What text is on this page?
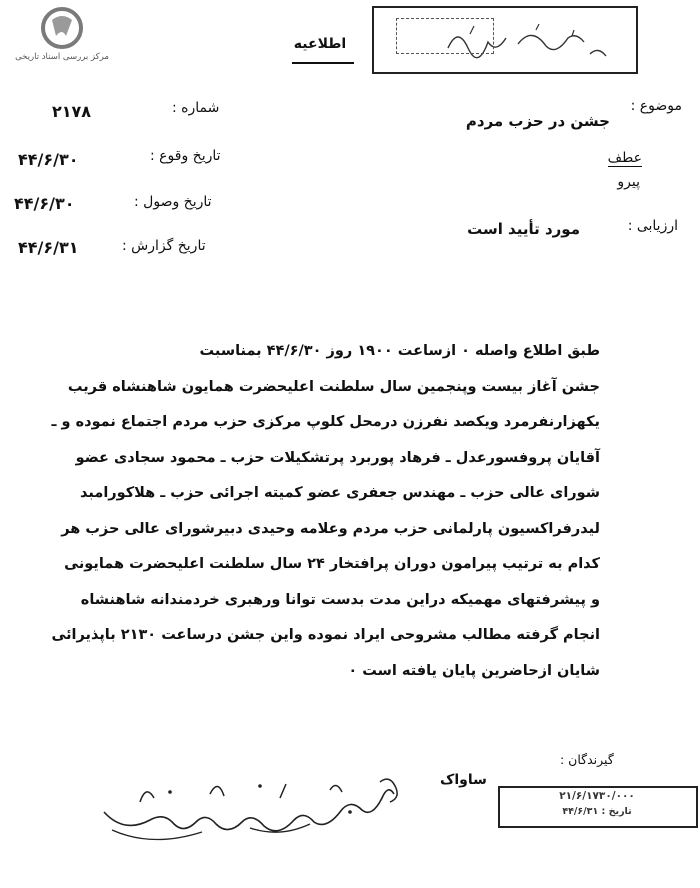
مرکز بررسی اسناد تاریخی
اطلاعیه
شماره :
۲۱۷۸
تاریخ وقوع :
۴۴/۶/۳۰
تاریخ وصول :
۴۴/۶/۳۰
تاریخ گزارش :
۴۴/۶/۳۱
موضوع :
جشن در حزب مردم
عطف
پیرو
ارزیابی :
مورد تأیید است
طبق اطلاع واصله ۰ ازساعت ۱۹۰۰ روز ۴۴/۶/۳۰ بمناسبت
جشن آغاز بیست وپنجمین سال سلطنت اعلیحضرت همایون شاهنشاه قریب
یکهزارنفرمرد ویکصد نفرزن درمحل کلوپ مرکزی حزب مردم اجتماع نموده و ـ
آقایان پروفسورعدل ـ فرهاد پوربرد پرتشکیلات حزب ـ محمود سجادی عضو
شورای عالی حزب ـ مهندس جعفری عضو کمیته اجرائی حزب ـ هلاکورامبد
لیدرفراکسیون پارلمانی حزب مردم وعلامه وحیدی دبیرشورای عالی حزب هر
کدام به ترتیب پیرامون دوران پرافتخار ۲۴ سال سلطنت اعلیحضرت همایونی
و پیشرفتهای مهمیکه دراین مدت بدست توانا ورهبری خردمندانه شاهنشاه
انجام گرفته مطالب مشروحی ایراد نموده واین جشن درساعت ۲۱۳۰ باپذیرائی
شایان ازحاضرین پایان یافته است ۰
گیرندگان :
ساواک
۲۱/۶/۱۷۳۰/۰۰۰
تاریخ : ۴۴/۶/۳۱
